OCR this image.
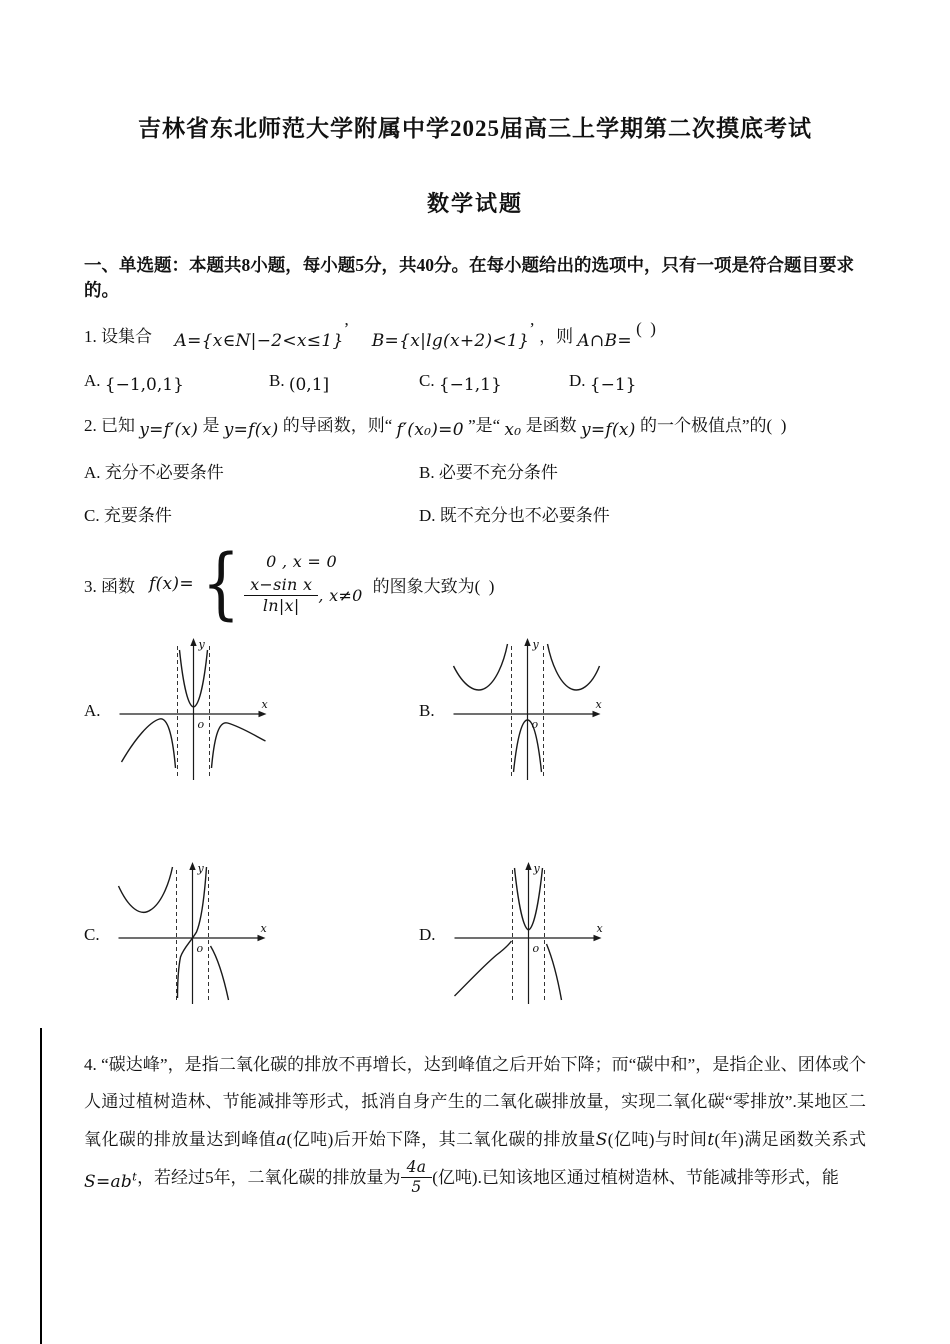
吉林省东北师范大学附属中学2025届高三上学期第二次摸底考试
数学试题
一、单选题：本题共8小题，每小题5分，共40分。在每小题给出的选项中，只有一项是符合题目要求的。
1. 设集合 A={x∈N|−2<x≤1}’  B={x|lg(x+2)<1}’ ，则 A∩B= (  )
A. {−1,0,1}	B. (0,1]	C. {−1,1}	D. {−1}
2. 已知 y=f′(x) 是 y=f(x) 的导函数，则“ f′(x₀)=0 ”是“ x₀ 是函数 y=f(x) 的一个极值点”的(  )
A. 充分不必要条件	B. 必要不充分条件
C. 充要条件	D. 既不充分也不必要条件
3. 函数 f(x)= {	0 , x = 0
$\frac{\text{x−sin x}}{\ln|x|}$ , x≠0 的图象大致为(  )
A.
y
x
o
B.
y
x
o
C.
y
x
o
D.
y
x
o
4. “碳达峰”，是指二氧化碳的排放不再增长，达到峰值之后开始下降；而“碳中和”，是指企业、团体或个人通过植树造林、节能减排等形式，抵消自身产生的二氧化碳排放量，实现二氧化碳“零排放”.某地区二氧化碳的排放量达到峰值a(亿吨)后开始下降，其二氧化碳的排放量S(亿吨)与时间t(年)满足函数关系式$S=ab^t$，若经过5年，二氧化碳的排放量为 $\frac{4a}{5}$ (亿吨).已知该地区通过植树造林、节能减排等形式，能
